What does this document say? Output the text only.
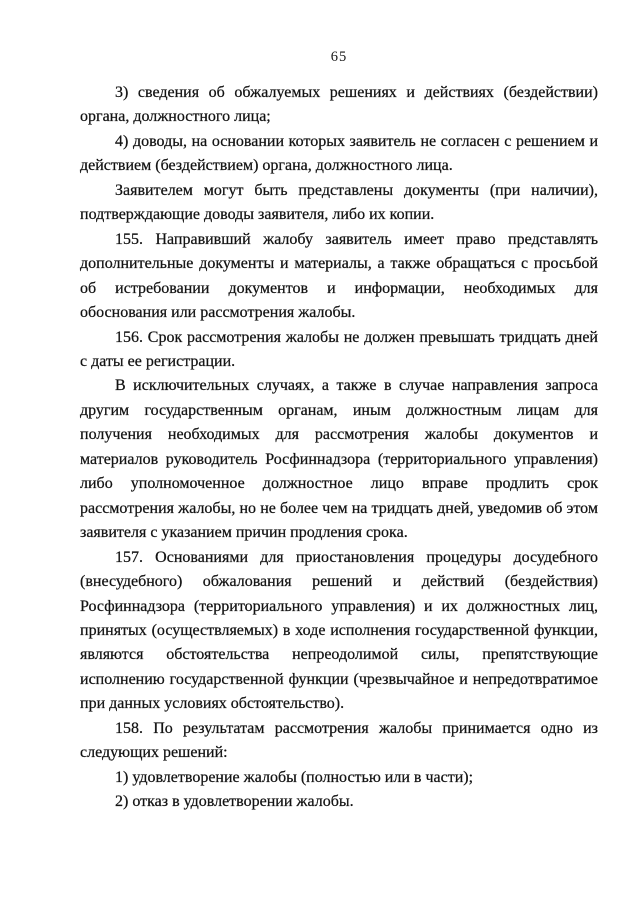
65

3) сведения об обжалуемых решениях и действиях (бездействии) органа, должностного лица;

4) доводы, на основании которых заявитель не согласен с решением и действием (бездействием) органа, должностного лица.

Заявителем могут быть представлены документы (при наличии), подтверждающие доводы заявителя, либо их копии.

155. Направивший жалобу заявитель имеет право представлять дополнительные документы и материалы, а также обращаться с просьбой об истребовании документов и информации, необходимых для обоснования или рассмотрения жалобы.

156. Срок рассмотрения жалобы не должен превышать тридцать дней с даты ее регистрации.

В исключительных случаях, а также в случае направления запроса другим государственным органам, иным должностным лицам для получения необходимых для рассмотрения жалобы документов и материалов руководитель Росфиннадзора (территориального управления) либо уполномоченное должностное лицо вправе продлить срок рассмотрения жалобы, но не более чем на тридцать дней, уведомив об этом заявителя с указанием причин продления срока.

157. Основаниями для приостановления процедуры досудебного (внесудебного) обжалования решений и действий (бездействия) Росфиннадзора (территориального управления) и их должностных лиц, принятых (осуществляемых) в ходе исполнения государственной функции, являются обстоятельства непреодолимой силы, препятствующие исполнению государственной функции (чрезвычайное и непредотвратимое при данных условиях обстоятельство).

158. По результатам рассмотрения жалобы принимается одно из следующих решений:

1) удовлетворение жалобы (полностью или в части);

2) отказ в удовлетворении жалобы.
